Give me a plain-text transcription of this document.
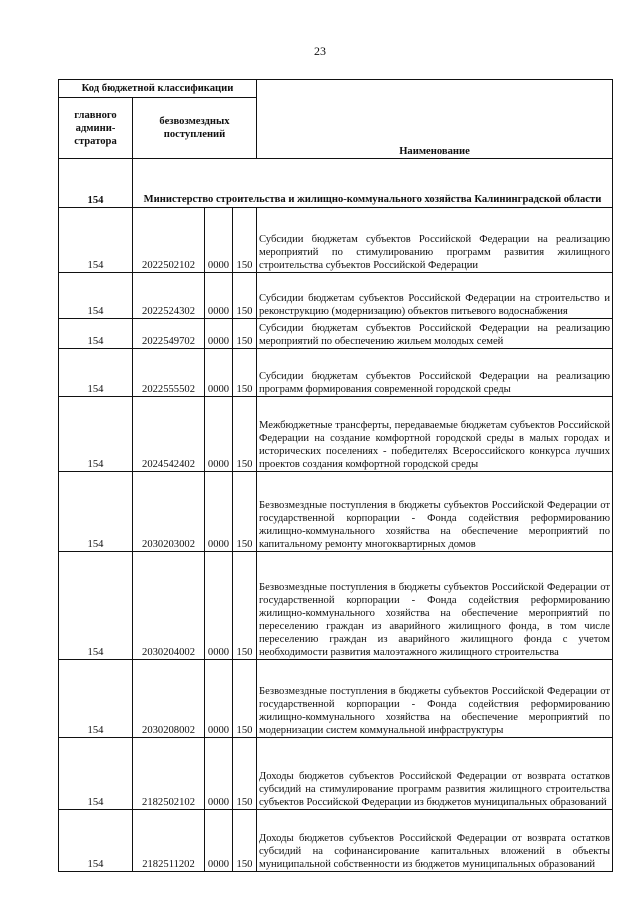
23
Код бюджетной классификации				Наименование
главного админи-стратора	безвозмездных поступлений			
154	Министерство строительства и жилищно-коммунального хозяйства Калининградской области			
154	2022502102	0000	150	Субсидии бюджетам субъектов Российской Федерации на реализацию мероприятий по стимулированию программ развития жилищного строительства субъектов Российской Федерации
154	2022524302	0000	150	Субсидии бюджетам субъектов Российской Федерации на строительство и реконструкцию (модернизацию) объектов питьевого водоснабжения
154	2022549702	0000	150	Субсидии бюджетам субъектов Российской Федерации на реализацию мероприятий по обеспечению жильем молодых семей
154	2022555502	0000	150	Субсидии бюджетам субъектов Российской Федерации на реализацию программ формирования современной городской среды
154	2024542402	0000	150	Межбюджетные трансферты, передаваемые бюджетам субъектов Российской Федерации на создание комфортной городской среды в малых городах и исторических поселениях - победителях Всероссийского конкурса лучших проектов создания комфортной городской среды
154	2030203002	0000	150	Безвозмездные поступления в бюджеты субъектов Российской Федерации от государственной корпорации - Фонда содействия реформированию жилищно-коммунального хозяйства на обеспечение мероприятий по капитальному ремонту многоквартирных домов
154	2030204002	0000	150	Безвозмездные поступления в бюджеты субъектов Российской Федерации от государственной корпорации - Фонда содействия реформированию жилищно-коммунального хозяйства на обеспечение мероприятий по переселению граждан из аварийного жилищного фонда, в том числе переселению граждан из аварийного жилищного фонда с учетом необходимости развития малоэтажного жилищного строительства
154	2030208002	0000	150	Безвозмездные поступления в бюджеты субъектов Российской Федерации от государственной корпорации - Фонда содействия реформированию жилищно-коммунального хозяйства на обеспечение мероприятий по модернизации систем коммунальной инфраструктуры
154	2182502102	0000	150	Доходы бюджетов субъектов Российской Федерации от возврата остатков субсидий на стимулирование программ развития жилищного строительства субъектов Российской Федерации из бюджетов муниципальных образований
154	2182511202	0000	150	Доходы бюджетов субъектов Российской Федерации от возврата остатков субсидий на софинансирование капитальных вложений в объекты муниципальной собственности из бюджетов муниципальных образований
